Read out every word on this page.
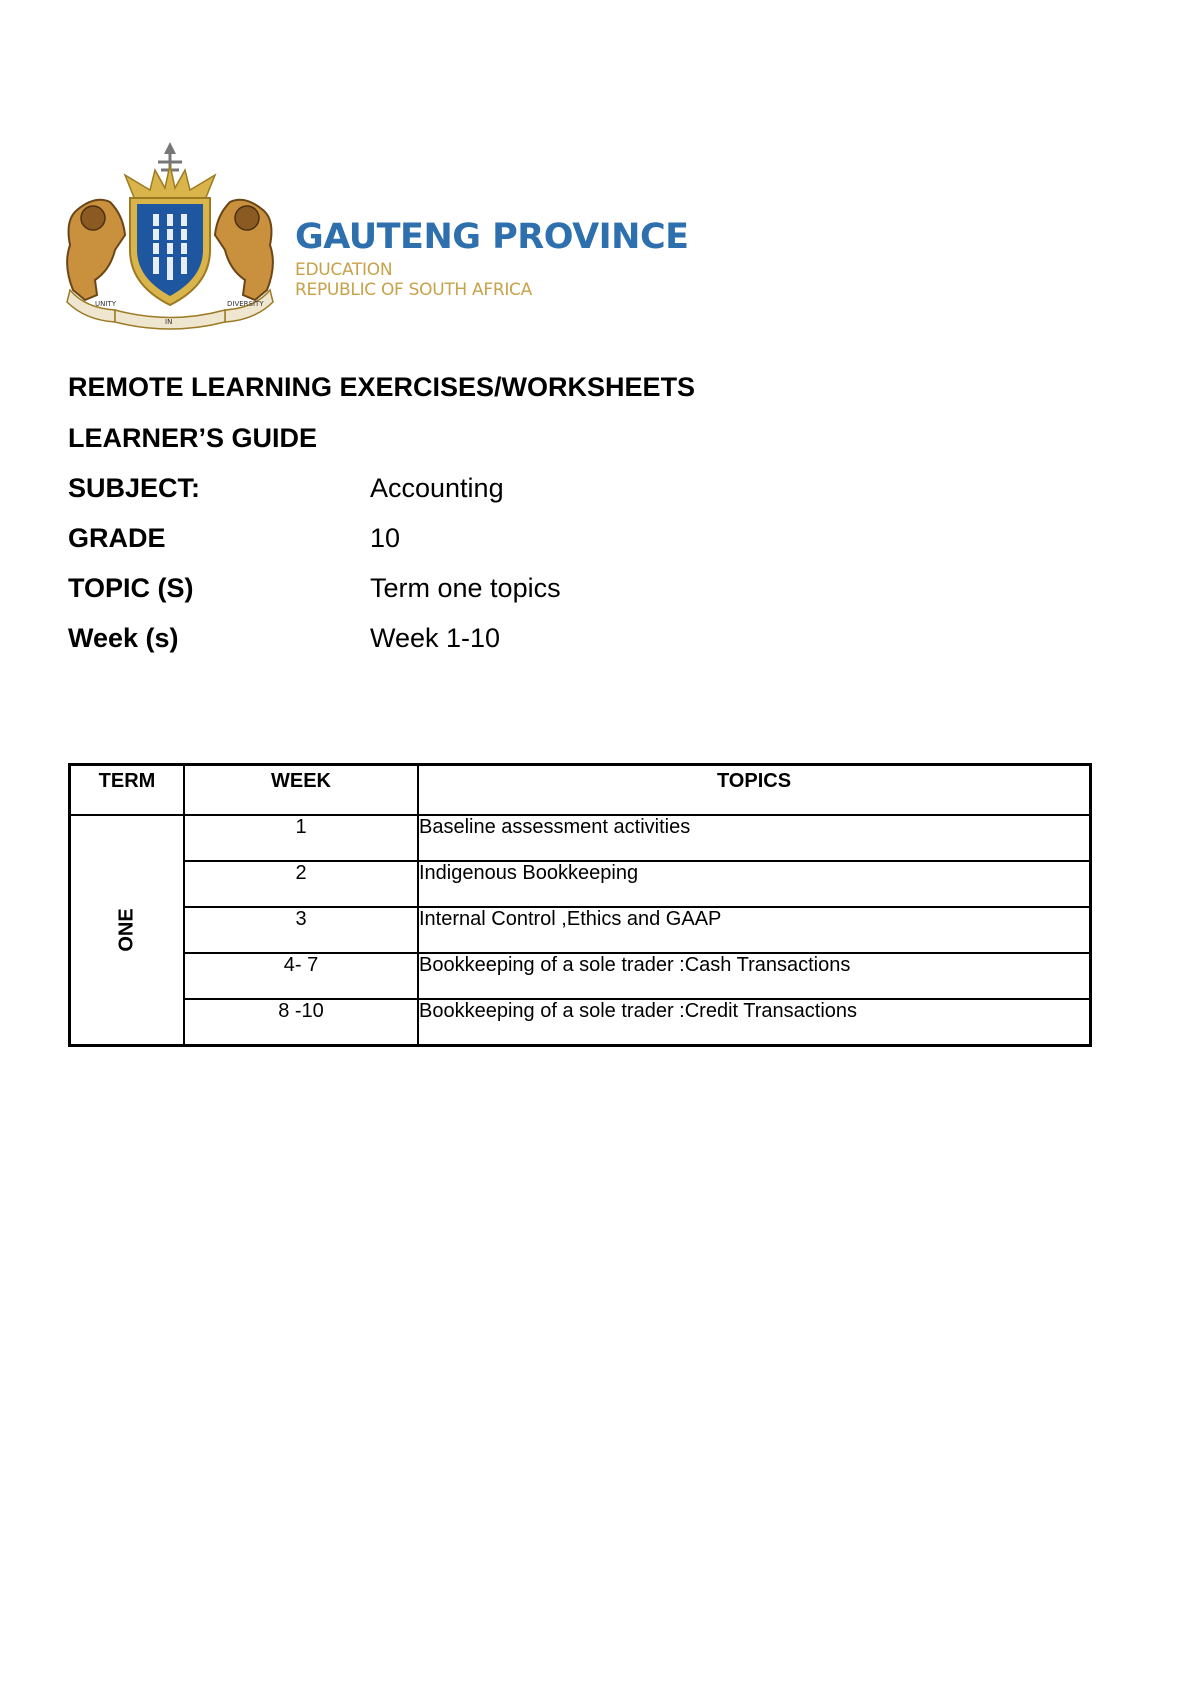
UNITY
IN
DIVERSITY
GAUTENG PROVINCE
EDUCATION
REPUBLIC OF SOUTH AFRICA
REMOTE LEARNING EXERCISES/WORKSHEETS
LEARNER’S GUIDE
SUBJECT:	Accounting
GRADE	10
TOPIC (S)	Term one topics
Week (s)	Week 1-10
TERM	WEEK	TOPICS

ONE	1	Baseline assessment activities
	2	Indigenous Bookkeeping
	3	Internal Control ,Ethics and GAAP
	4- 7	Bookkeeping of a sole trader :Cash Transactions
	8 -10	Bookkeeping of a sole trader :Credit Transactions
